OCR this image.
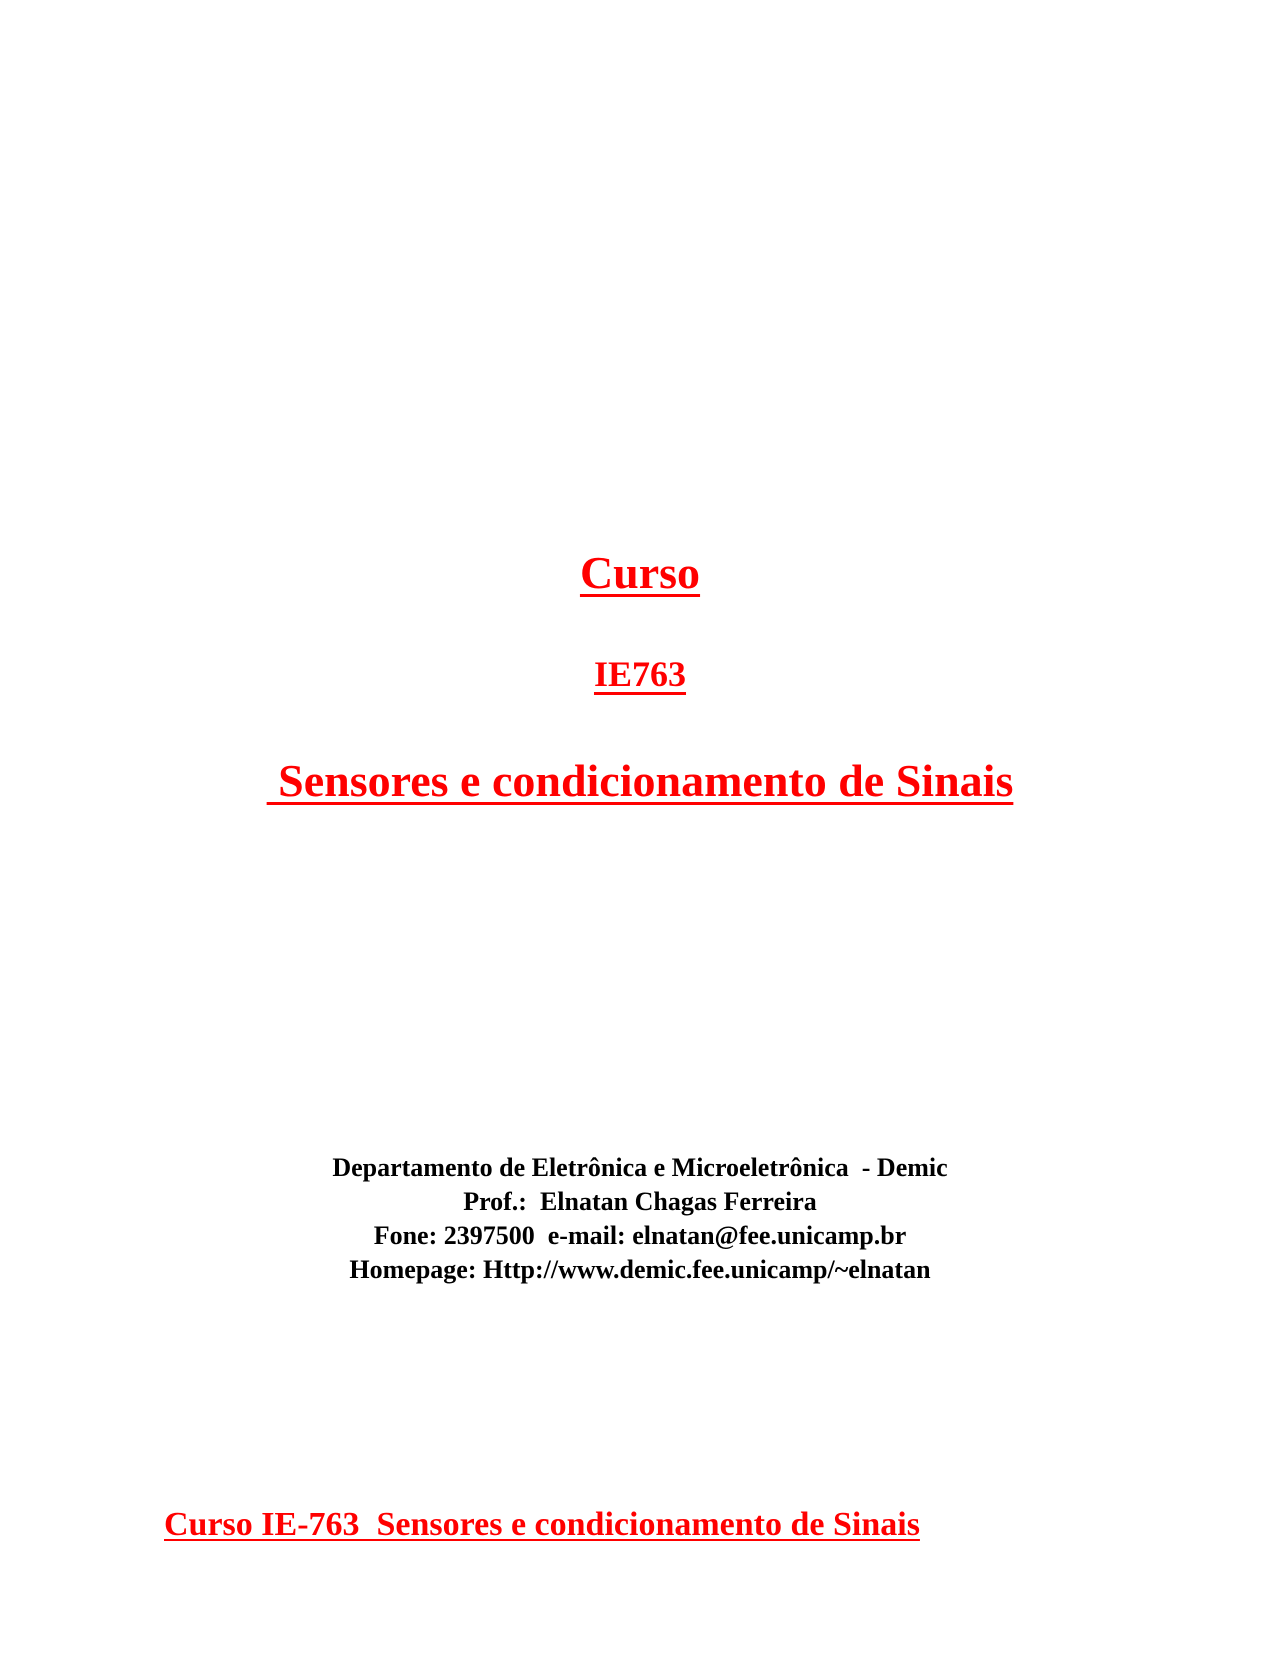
Curso
IE763
Sensores e condicionamento de Sinais
Departamento de Eletrônica e Microeletrônica  - Demic
Prof.:  Elnatan Chagas Ferreira
Fone: 2397500  e-mail: elnatan@fee.unicamp.br
Homepage: Http://www.demic.fee.unicamp/~elnatan
Curso IE-763  Sensores e condicionamento de Sinais
